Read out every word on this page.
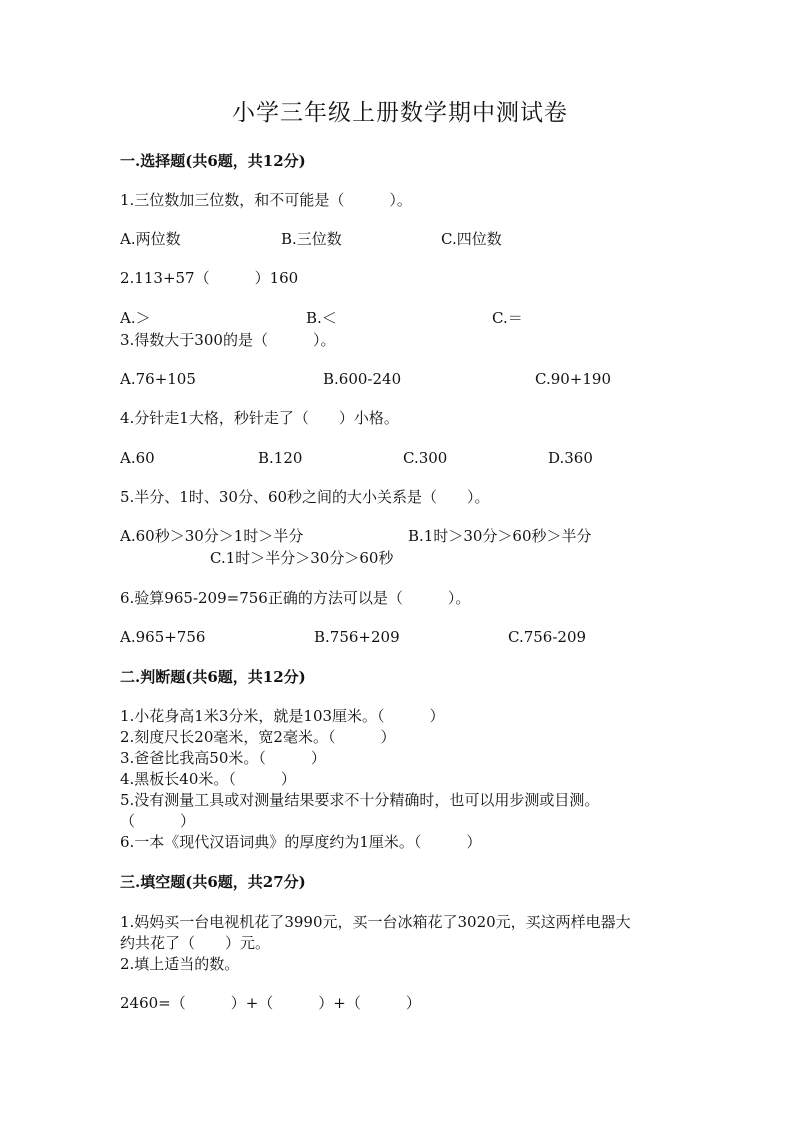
小学三年级上册数学期中测试卷
一.选择题(共6题，共12分)
1.三位数加三位数，和不可能是（　　　）。
A.两位数	B.三位数	C.四位数
2.113+57（　　　）160
A.＞	B.＜	C.＝
3.得数大于300的是（　　　）。
A.76+105	B.600-240	C.90+190
4.分针走1大格，秒针走了（　　）小格。
A.60	B.120	C.300	D.360
5.半分、1时、30分、60秒之间的大小关系是（　　）。
A.60秒＞30分＞1时＞半分	B.1时＞30分＞60秒＞半分
C.1时＞半分＞30分＞60秒
6.验算965-209=756正确的方法可以是（　　　）。
A.965+756	B.756+209	C.756-209
二.判断题(共6题，共12分)
1.小花身高1米3分米，就是103厘米。（　　　）
2.刻度尺长20毫米，宽2毫米。（　　　）
3.爸爸比我高50米。（　　　）
4.黑板长40米。（　　　）
5.没有测量工具或对测量结果要求不十分精确时，也可以用步测或目测。
（　　　）
6.一本《现代汉语词典》的厚度约为1厘米。（　　　）
三.填空题(共6题，共27分)
1.妈妈买一台电视机花了3990元，买一台冰箱花了3020元，买这两样电器大
约共花了（　　）元。
2.填上适当的数。
2460=（　　　）+（　　　）+（　　　）
